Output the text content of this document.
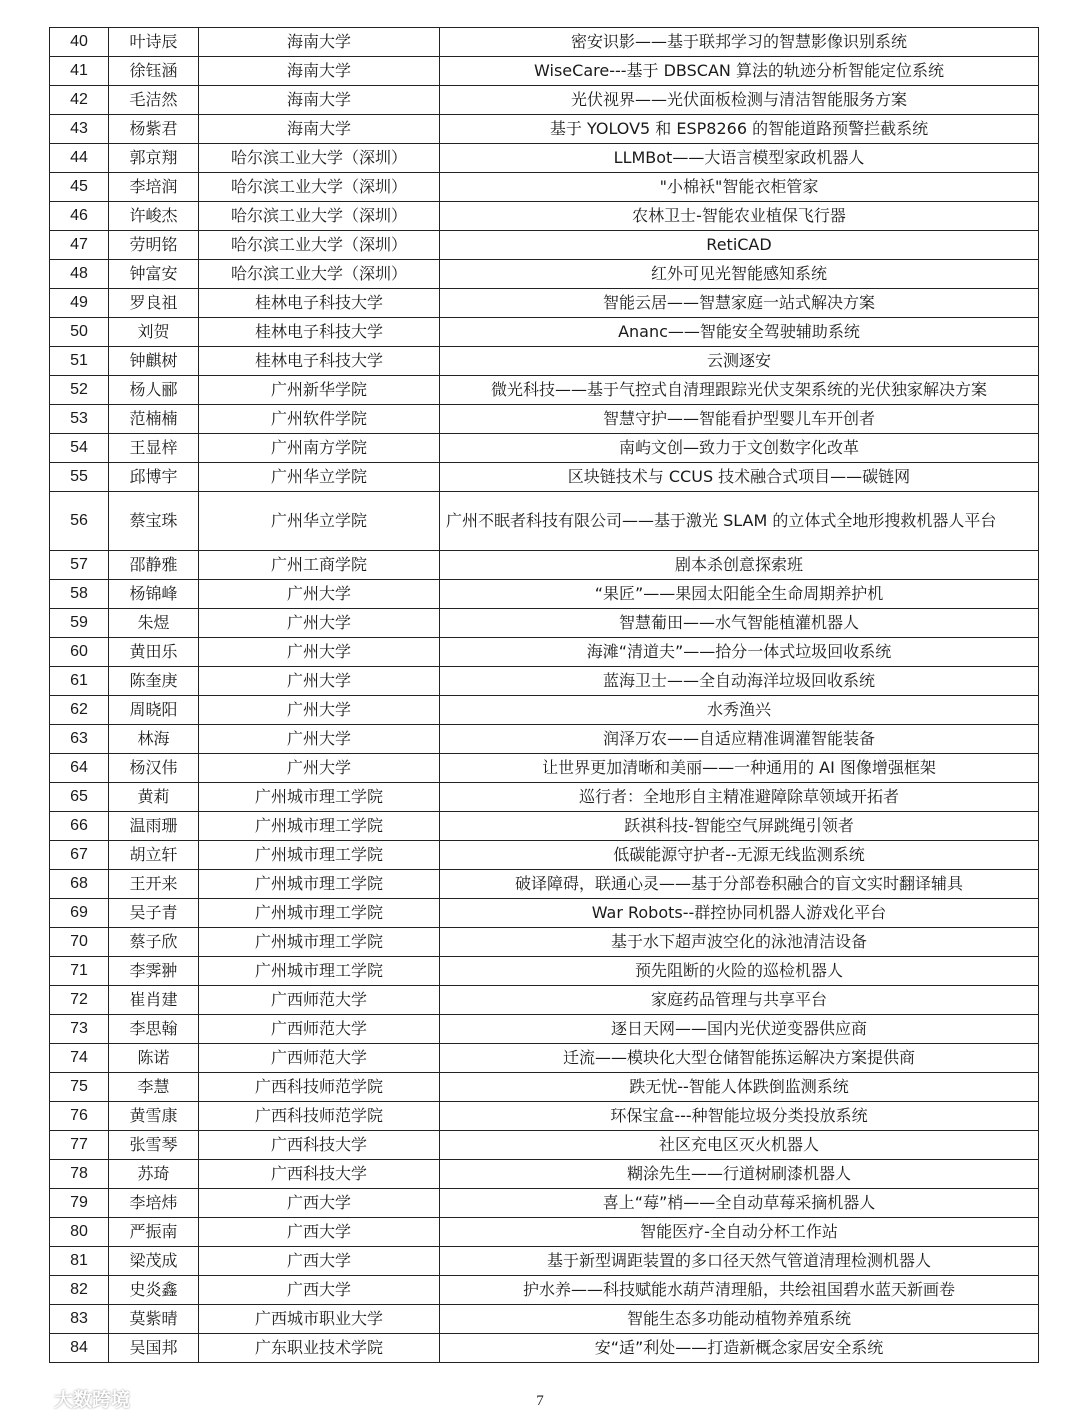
40	叶诗辰	海南大学	密安识影——基于联邦学习的智慧影像识别系统
41	徐钰涵	海南大学	WiseCare---基于 DBSCAN 算法的轨迹分析智能定位系统
42	毛洁然	海南大学	光伏视界——光伏面板检测与清洁智能服务方案
43	杨紫君	海南大学	基于 YOLOV5 和 ESP8266 的智能道路预警拦截系统
44	郭京翔	哈尔滨工业大学（深圳）	LLMBot——大语言模型家政机器人
45	李培润	哈尔滨工业大学（深圳）	"小棉袄"智能衣柜管家
46	许峻杰	哈尔滨工业大学（深圳）	农林卫士-智能农业植保飞行器
47	劳明铭	哈尔滨工业大学（深圳）	RetiCAD
48	钟富安	哈尔滨工业大学（深圳）	红外可见光智能感知系统
49	罗良祖	桂林电子科技大学	智能云居——智慧家庭一站式解决方案
50	刘贺	桂林电子科技大学	Ananc——智能安全驾驶辅助系统
51	钟麒树	桂林电子科技大学	云测逐安
52	杨人郦	广州新华学院	微光科技——基于气控式自清理跟踪光伏支架系统的光伏独家解决方案
53	范楠楠	广州软件学院	智慧守护——智能看护型婴儿车开创者
54	王显梓	广州南方学院	南屿文创—致力于文创数字化改革
55	邱博宇	广州华立学院	区块链技术与 CCUS 技术融合式项目——碳链网
56	蔡宝珠	广州华立学院	广州不眠者科技有限公司——基于激光 SLAM 的立体式全地形搜救机器人平台
57	邵静雅	广州工商学院	剧本杀创意探索班
58	杨锦峰	广州大学	“果匠”——果园太阳能全生命周期养护机
59	朱煜	广州大学	智慧葡田——水气智能植灌机器人
60	黄田乐	广州大学	海滩“清道夫”——拾分一体式垃圾回收系统
61	陈奎庚	广州大学	蓝海卫士——全自动海洋垃圾回收系统
62	周晓阳	广州大学	水秀渔兴
63	林海	广州大学	润泽万农——自适应精准调灌智能装备
64	杨汉伟	广州大学	让世界更加清晰和美丽——一种通用的 AI 图像增强框架
65	黄莉	广州城市理工学院	巡行者：全地形自主精准避障除草领域开拓者
66	温雨珊	广州城市理工学院	跃祺科技-智能空气屏跳绳引领者
67	胡立轩	广州城市理工学院	低碳能源守护者--无源无线监测系统
68	王开来	广州城市理工学院	破译障碍，联通心灵——基于分部卷积融合的盲文实时翻译辅具
69	吴子青	广州城市理工学院	War Robots--群控协同机器人游戏化平台
70	蔡子欣	广州城市理工学院	基于水下超声波空化的泳池清洁设备
71	李霁翀	广州城市理工学院	预先阻断的火险的巡检机器人
72	崔肖建	广西师范大学	家庭药品管理与共享平台
73	李思翰	广西师范大学	逐日天网——国内光伏逆变器供应商
74	陈诺	广西师范大学	迁流——模块化大型仓储智能拣运解决方案提供商
75	李慧	广西科技师范学院	跌无忧--智能人体跌倒监测系统
76	黄雪康	广西科技师范学院	环保宝盒---种智能垃圾分类投放系统
77	张雪琴	广西科技大学	社区充电区灭火机器人
78	苏琦	广西科技大学	糊涂先生——行道树刷漆机器人
79	李培炜	广西大学	喜上“莓”梢——全自动草莓采摘机器人
80	严振南	广西大学	智能医疗-全自动分杯工作站
81	梁茂成	广西大学	基于新型调距装置的多口径天然气管道清理检测机器人
82	史炎鑫	广西大学	护水养——科技赋能水葫芦清理船，共绘祖国碧水蓝天新画卷
83	莫紫晴	广西城市职业大学	智能生态多功能动植物养殖系统
84	吴国邦	广东职业技术学院	安“适”利处——打造新概念家居安全系统
7
大数跨境
